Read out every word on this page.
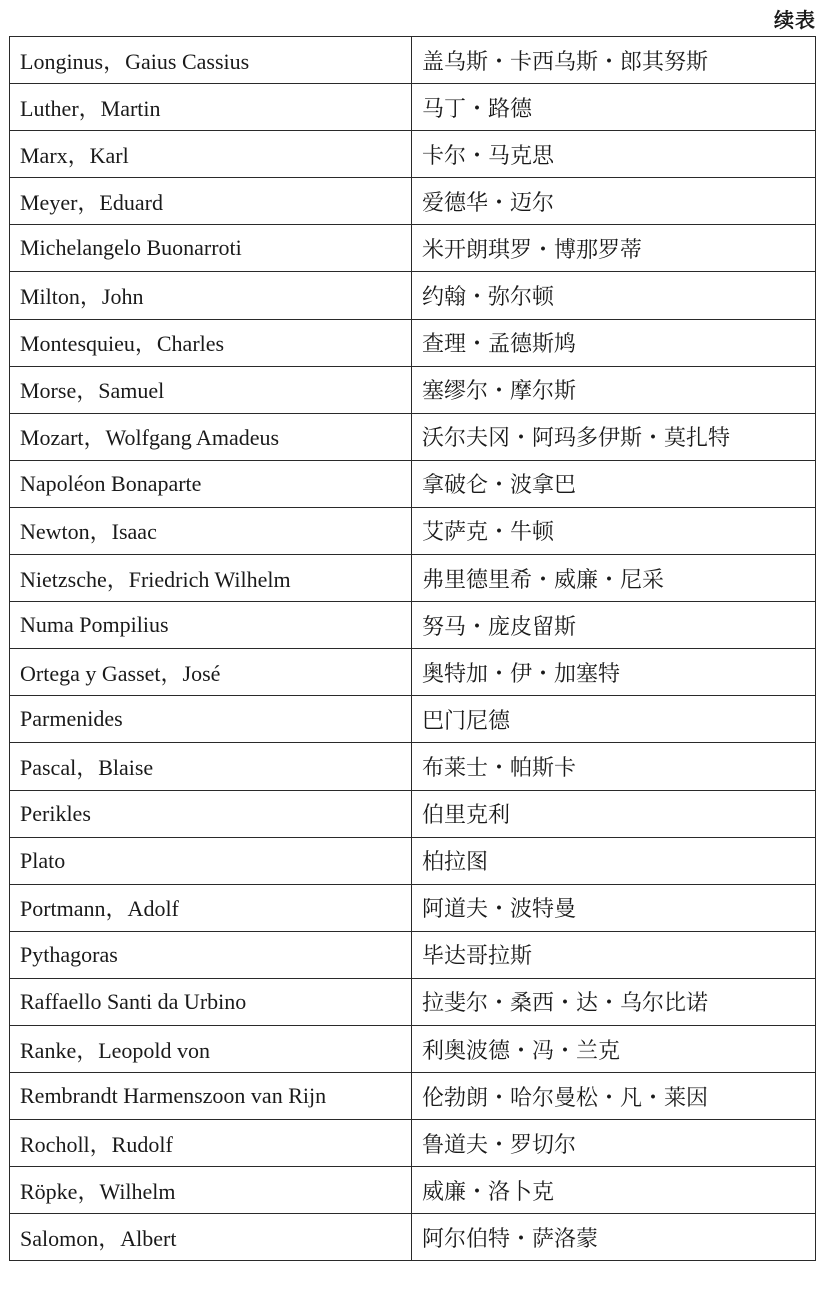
续表
Longinus，Gaius Cassius	盖乌斯・卡西乌斯・郎其努斯
Luther，Martin	马丁・路德
Marx，Karl	卡尔・马克思
Meyer，Eduard	爱德华・迈尔
Michelangelo Buonarroti	米开朗琪罗・博那罗蒂
Milton，John	约翰・弥尔顿
Montesquieu，Charles	查理・孟德斯鸠
Morse，Samuel	塞缪尔・摩尔斯
Mozart，Wolfgang Amadeus	沃尔夫冈・阿玛多伊斯・莫扎特
Napoléon Bonaparte	拿破仑・波拿巴
Newton，Isaac	艾萨克・牛顿
Nietzsche，Friedrich Wilhelm	弗里德里希・威廉・尼采
Numa Pompilius	努马・庞皮留斯
Ortega y Gasset，José	奥特加・伊・加塞特
Parmenides	巴门尼德
Pascal，Blaise	布莱士・帕斯卡
Perikles	伯里克利
Plato	柏拉图
Portmann，Adolf	阿道夫・波特曼
Pythagoras	毕达哥拉斯
Raffaello Santi da Urbino	拉斐尔・桑西・达・乌尔比诺
Ranke，Leopold von	利奥波德・冯・兰克
Rembrandt Harmenszoon van Rijn	伦勃朗・哈尔曼松・凡・莱因
Rocholl，Rudolf	鲁道夫・罗切尔
Röpke，Wilhelm	威廉・洛卜克
Salomon，Albert	阿尔伯特・萨洛蒙
